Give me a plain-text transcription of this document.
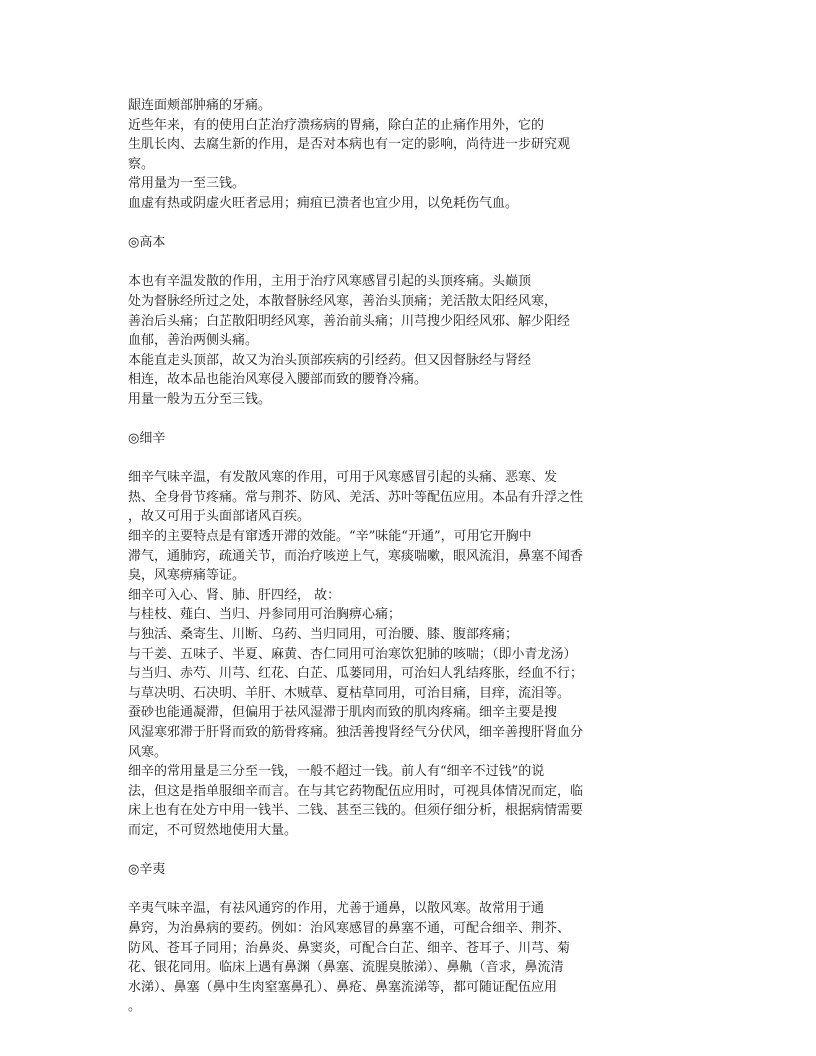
龈连面颊部肿痛的牙痛。
近些年来，有的使用白芷治疗溃疡病的胃痛，除白芷的止痛作用外，它的
生肌长肉、去腐生新的作用，是否对本病也有一定的影响，尚待进一步研究观
察。
常用量为一至三钱。
血虚有热或阴虚火旺者忌用；痈疽已溃者也宜少用，以免耗伤气血。
◎高本
本也有辛温发散的作用，主用于治疗风寒感冒引起的头顶疼痛。头巅顶
处为督脉经所过之处，本散督脉经风寒，善治头顶痛；羌活散太阳经风寒，
善治后头痛；白芷散阳明经风寒，善治前头痛；川芎搜少阳经风邪、解少阳经
血郁，善治两侧头痛。
本能直走头顶部，故又为治头顶部疾病的引经药。但又因督脉经与肾经
相连，故本品也能治风寒侵入腰部而致的腰脊冷痛。
用量一般为五分至三钱。
◎细辛
细辛气味辛温，有发散风寒的作用，可用于风寒感冒引起的头痛、恶寒、发
热、全身骨节疼痛。常与荆芥、防风、羌活、苏叶等配伍应用。本品有升浮之性
，故又可用于头面部诸风百疾。
细辛的主要特点是有窜透开滞的效能。“辛”味能“开通”，可用它开胸中
滞气，通肺窍，疏通关节，而治疗咳逆上气，寒痰喘嗽，眼风流泪，鼻塞不闻香
臭，风寒痹痛等证。
细辛可入心、肾、肺、肝四经， 故：
与桂枝、薤白、当归、丹参同用可治胸痹心痛；
与独活、桑寄生、川断、乌药、当归同用，可治腰、膝、腹部疼痛；
与干姜、五味子、半夏、麻黄、杏仁同用可治寒饮犯肺的咳喘；（即小青龙汤）
与当归、赤芍、川芎、红花、白芷、瓜蒌同用，可治妇人乳结疼胀，经血不行；
与草决明、石决明、羊肝、木贼草、夏枯草同用，可治目痛，目痒，流泪等。
蚕砂也能通凝滞，但偏用于祛风湿滞于肌肉而致的肌肉疼痛。细辛主要是搜
风湿寒邪滞于肝肾而致的筋骨疼痛。独活善搜肾经气分伏风，细辛善搜肝肾血分
风寒。
细辛的常用量是三分至一钱，一般不超过一钱。前人有“细辛不过钱”的说
法，但这是指单服细辛而言。在与其它药物配伍应用时，可视具体情况而定，临
床上也有在处方中用一钱半、二钱、甚至三钱的。但须仔细分析，根据病情需要
而定，不可贸然地使用大量。
◎辛夷
辛夷气味辛温，有祛风通窍的作用，尤善于通鼻，以散风寒。故常用于通
鼻窍，为治鼻病的要药。例如：治风寒感冒的鼻塞不通，可配合细辛、荆芥、
防风、苍耳子同用；治鼻炎、鼻窦炎，可配合白芷、细辛、苍耳子、川芎、菊
花、银花同用。临床上遇有鼻渊（鼻塞、流腥臭脓涕）、鼻鼽（音求，鼻流清
水涕）、鼻塞（鼻中生肉窒塞鼻孔）、鼻疮、鼻塞流涕等，都可随证配伍应用
。
